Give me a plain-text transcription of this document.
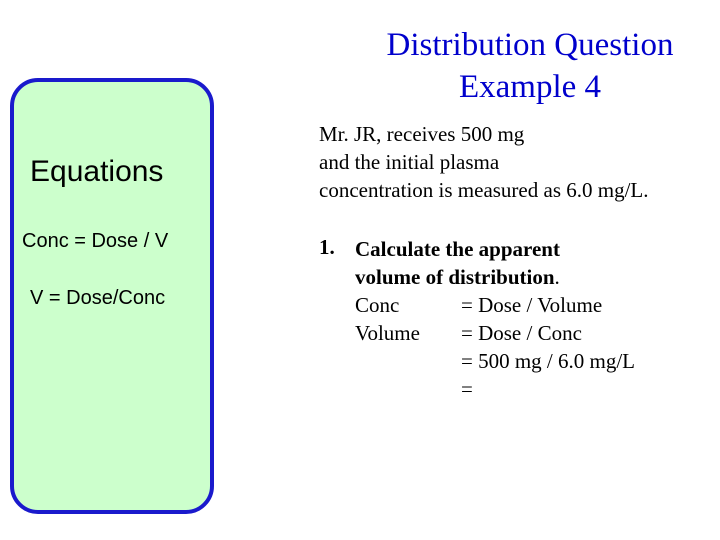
Distribution Question
Example 4
Equations
Conc = Dose / V
V = Dose/Conc
Mr. JR, receives 500 mg
and the initial plasma
concentration is measured as 6.0 mg/L.
1. Calculate the apparent
volume of distribution.
Conc	= Dose / Volume
Volume = Dose / Conc
= 500 mg / 6.0 mg/L
=
